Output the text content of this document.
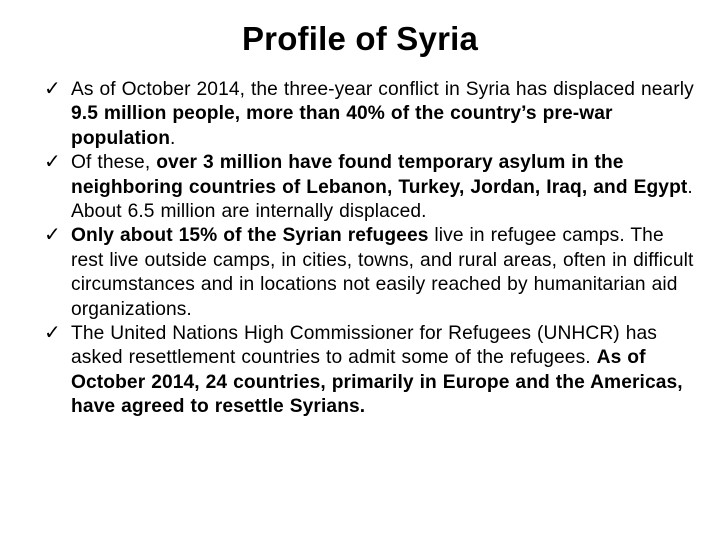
Profile of Syria
✓ As of October 2014, the three-year conflict in Syria has displaced nearly 9.5 million people, more than 40% of the country’s pre-war population.
✓ Of these, over 3 million have found temporary asylum in the neighboring countries of Lebanon, Turkey, Jordan, Iraq, and Egypt. About 6.5 million are internally displaced.
✓ Only about 15% of the Syrian refugees live in refugee camps. The rest live outside camps, in cities, towns, and rural areas, often in difficult circumstances and in locations not easily reached by humanitarian aid organizations.
✓ The United Nations High Commissioner for Refugees (UNHCR) has asked resettlement countries to admit some of the refugees. As of October 2014, 24 countries, primarily in Europe and the Americas, have agreed to resettle Syrians.
